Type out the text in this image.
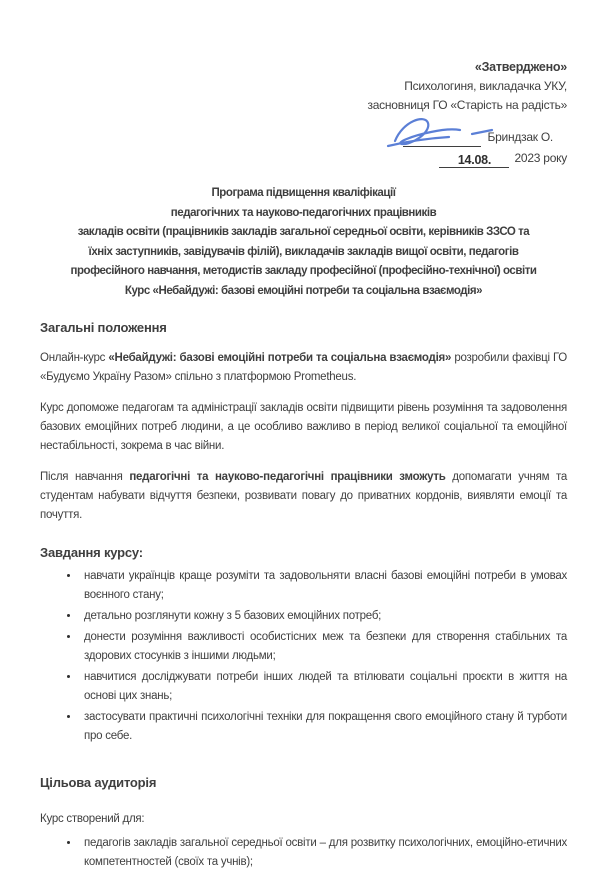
«Затверджено»
Психологиня, викладачка УКУ,
засновниця ГО «Старість на радість»
Бриндзак О.
14.08. 2023 року
Програма підвищення кваліфікації
педагогічних та науково-педагогічних працівників
закладів освіти (працівників закладів загальної середньої освіти, керівників ЗЗСО та
їхніх заступників, завідувачів філій), викладачів закладів вищої освіти, педагогів
професійного навчання, методистів закладу професійної (професійно-технічної) освіти
Курс «Небайдужі: базові емоційні потреби та соціальна взаємодія»
Загальні положення

Онлайн-курс «Небайдужі: базові емоційні потреби та соціальна взаємодія» розробили фахівці ГО «Будуємо Україну Разом» спільно з платформою Prometheus.

Курс допоможе педагогам та адміністрації закладів освіти підвищити рівень розуміння та задоволення базових емоційних потреб людини, а це особливо важливо в період великої соціальної та емоційної нестабільності, зокрема в час війни.

Після навчання педагогічні та науково-педагогічні працівники зможуть допомагати учням та студентам набувати відчуття безпеки, розвивати повагу до приватних кордонів, виявляти емоції та почуття.

Завдання курсу:
• навчати українців краще розуміти та задовольняти власні базові емоційні потреби в умовах воєнного стану;
• детально розглянути кожну з 5 базових емоційних потреб;
• донести розуміння важливості особистісних меж та безпеки для створення стабільних та здорових стосунків з іншими людьми;
• навчитися досліджувати потреби інших людей та втілювати соціальні проєкти в життя на основі цих знань;
• застосувати практичні психологічні техніки для покращення свого емоційного стану й турботи про себе.
Цільова аудиторія

Курс створений для:

• педагогів закладів загальної середньої освіти – для розвитку психологічних, емоційно-етичних компетентностей (своїх та учнів);
